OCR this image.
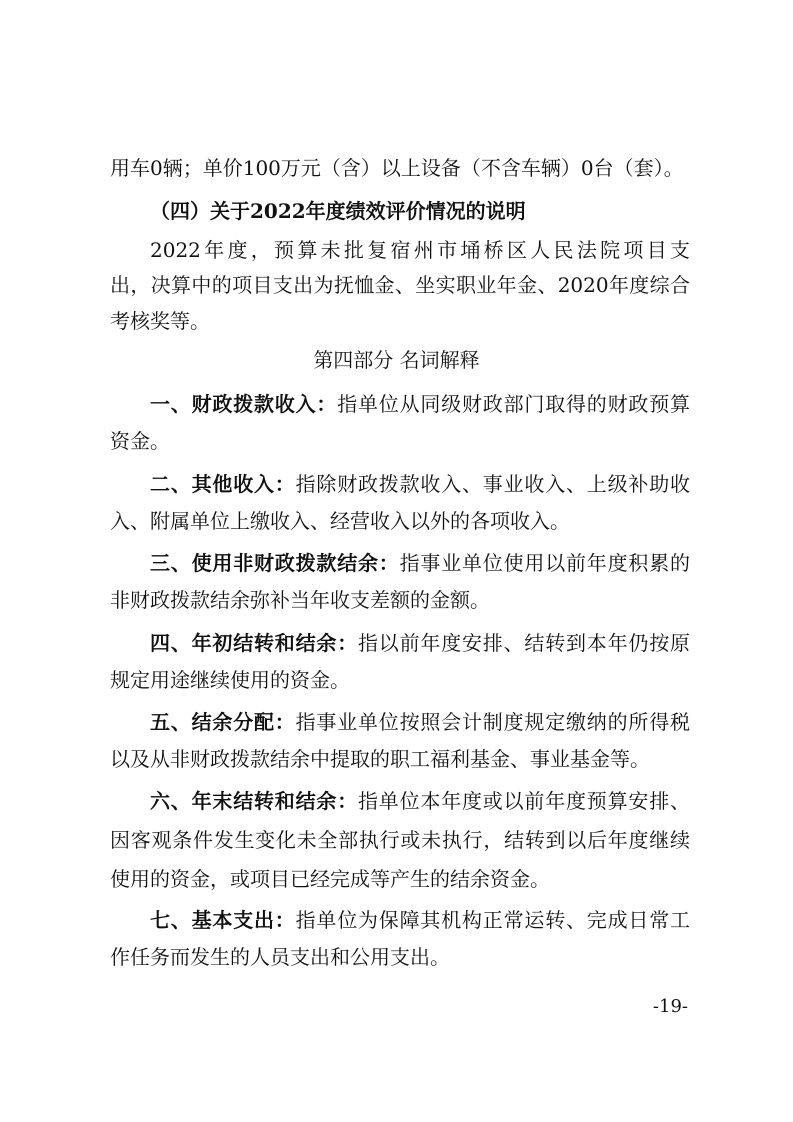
用车0辆；单价100万元（含）以上设备（不含车辆）0台（套）。
（四）关于2022年度绩效评价情况的说明
2022年度，预算未批复宿州市埇桥区人民法院项目支
出，决算中的项目支出为抚恤金、坐实职业年金、2020年度综合
考核奖等。
第四部分 名词解释
一、财政拨款收入：指单位从同级财政部门取得的财政预算
资金。
二、其他收入：指除财政拨款收入、事业收入、上级补助收
入、附属单位上缴收入、经营收入以外的各项收入。
三、使用非财政拨款结余：指事业单位使用以前年度积累的
非财政拨款结余弥补当年收支差额的金额。
四、年初结转和结余：指以前年度安排、结转到本年仍按原
规定用途继续使用的资金。
五、结余分配：指事业单位按照会计制度规定缴纳的所得税
以及从非财政拨款结余中提取的职工福利基金、事业基金等。
六、年末结转和结余：指单位本年度或以前年度预算安排、
因客观条件发生变化未全部执行或未执行，结转到以后年度继续
使用的资金，或项目已经完成等产生的结余资金。
七、基本支出：指单位为保障其机构正常运转、完成日常工
作任务而发生的人员支出和公用支出。
-19-
